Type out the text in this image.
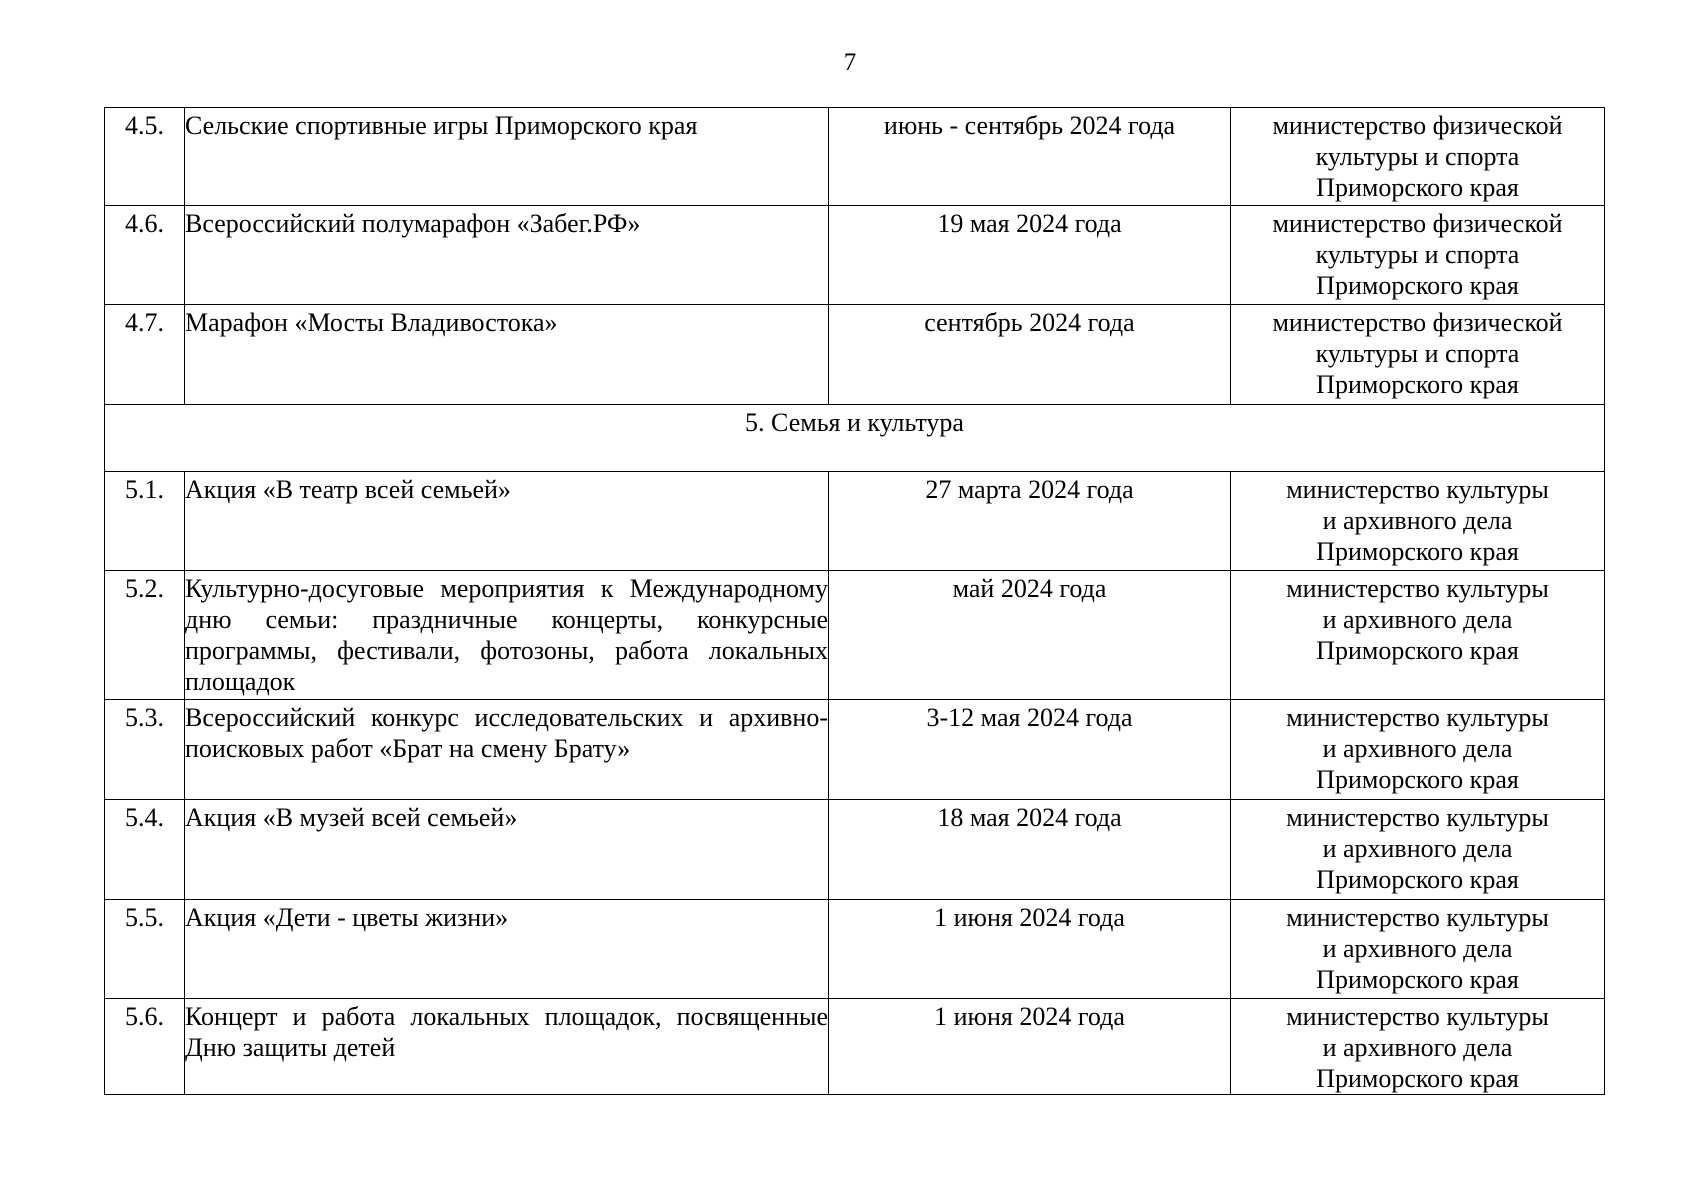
7
4.5.	Сельские спортивные игры Приморского края	июнь - сентябрь 2024 года	министерство физической
культуры и спорта
Приморского края

4.6.	Всероссийский полумарафон «Забег.РФ»	19 мая 2024 года	министерство физической
культуры и спорта
Приморского края

4.7.	Марафон «Мосты Владивостока»	сентябрь 2024 года	министерство физической
культуры и спорта
Приморского края

5. Семья и культура			
5.1.	Акция «В театр всей семьей»	27 марта 2024 года	министерство культуры
и архивного дела
Приморского края

5.2.	Культурно-досуговые мероприятия к Международному дню семьи: праздничные концерты, конкурсные программы, фестивали, фотозоны, работа локальных площадок	май 2024 года	министерство культуры
и архивного дела
Приморского края

5.3.	Всероссийский конкурс исследовательских и архивно-поисковых работ «Брат на смену Брату»	3-12 мая 2024 года	министерство культуры
и архивного дела
Приморского края

5.4.	Акция «В музей всей семьей»	18 мая 2024 года	министерство культуры
и архивного дела
Приморского края

5.5.	Акция «Дети - цветы жизни»	1 июня 2024 года	министерство культуры
и архивного дела
Приморского края

5.6.	Концерт и работа локальных площадок, посвященные Дню защиты детей	1 июня 2024 года	министерство культуры
и архивного дела
Приморского края
